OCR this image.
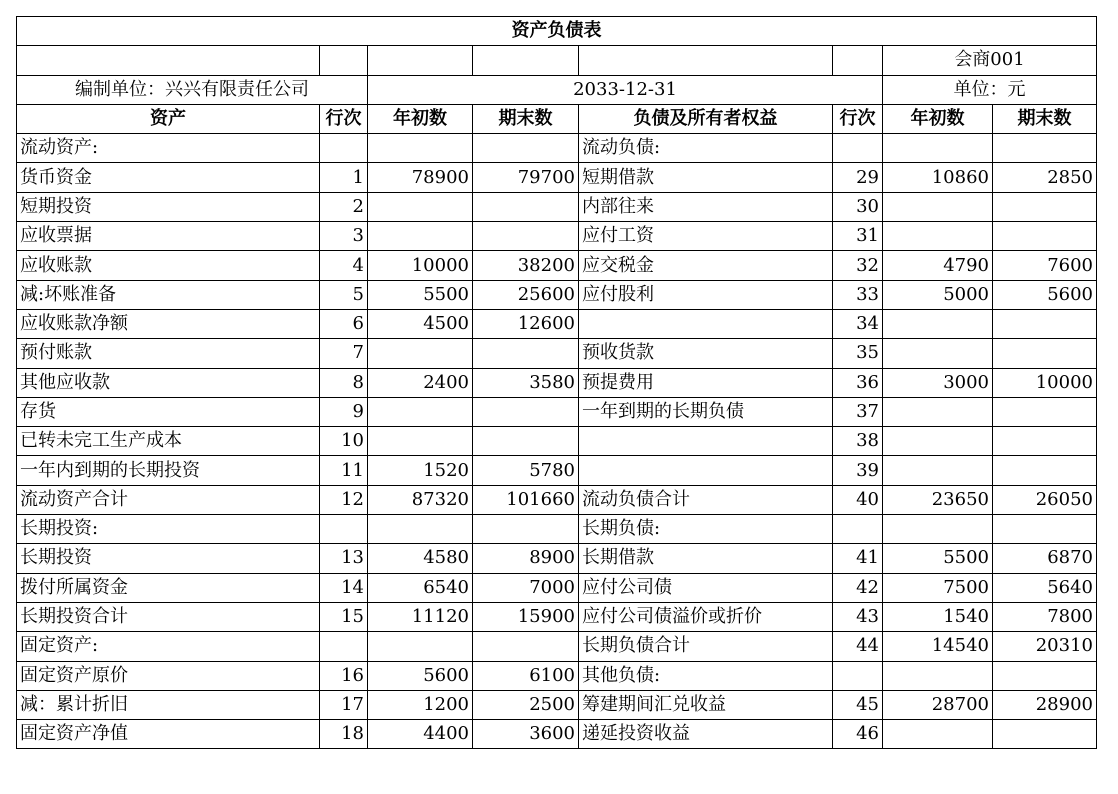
资产负债表							
						会商001	
编制单位：兴兴有限责任公司		2033-12-31				单位：元	
资产	行次	年初数	期末数	负债及所有者权益	行次	年初数	期末数
流动资产:				流动负债:			
货币资金	1	78900	79700	短期借款	29	10860	2850
短期投资	2			内部往来	30		
应收票据	3			应付工资	31		
应收账款	4	10000	38200	应交税金	32	4790	7600
减:坏账准备	5	5500	25600	应付股利	33	5000	5600
应收账款净额	6	4500	12600		34		
预付账款	7			预收货款	35		
其他应收款	8	2400	3580	预提费用	36	3000	10000
存货	9			一年到期的长期负债	37		
已转未完工生产成本	10				38		
一年内到期的长期投资	11	1520	5780		39		
流动资产合计	12	87320	101660	流动负债合计	40	23650	26050
长期投资:				长期负债:			
长期投资	13	4580	8900	长期借款	41	5500	6870
拨付所属资金	14	6540	7000	应付公司债	42	7500	5640
长期投资合计	15	11120	15900	应付公司债溢价或折价	43	1540	7800
固定资产:				长期负债合计	44	14540	20310
固定资产原价	16	5600	6100	其他负债:			
减：累计折旧	17	1200	2500	筹建期间汇兑收益	45	28700	28900
固定资产净值	18	4400	3600	递延投资收益	46		
